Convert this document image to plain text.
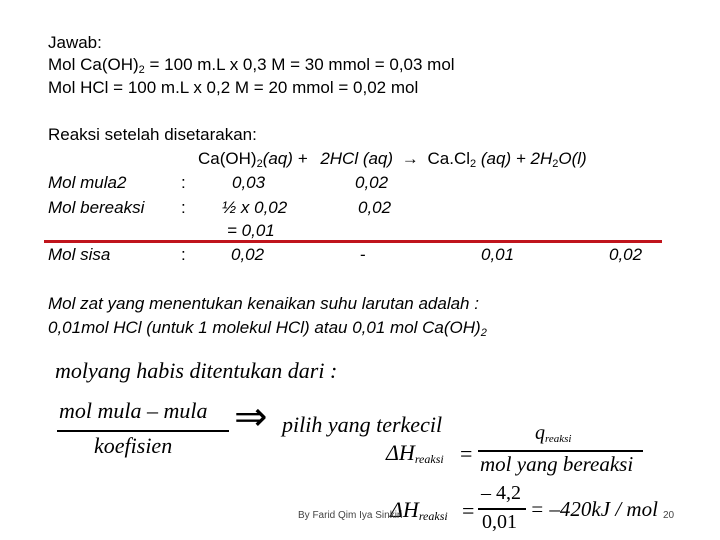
Jawab:
Mol $Ca(OH)_2 = 100$ m.L x 0,3 M = 30 mmol = 0,03 mol
Mol HCl = 100 m.L x 0,2 M = 20 mmol = 0,02 mol
Reaksi setelah disetarakan:
$Ca(OH)_2(aq) + 2HCl$ $(aq) \to Ca.Cl_2$ $(aq) + 2H_2O(l)$
Mol mula2	:	0,03	0,02
Mol bereaksi : ½ x 0,02	0,02
= 0,01
Mol sisa	:	0,02	-	0,01	0,02
Mol zat yang menentukan kenaikan suhu larutan adalah :
0,01mol HCl (untuk 1 molekul HCl) atau 0,01 mol $Ca(OH)_2$
molyang habis ditentukan dari :
mol mula – mula
koefisien
⇒ pilih yang terkecil
$\Delta H_{reaksi}$ =
$q_{reaksi}$
mol yang bereaksi
$\Delta H_{reaksi}$ =
– 4,2
0,01
= –420kJ / mol
By Farid Qim Iya Sinkiri	20
